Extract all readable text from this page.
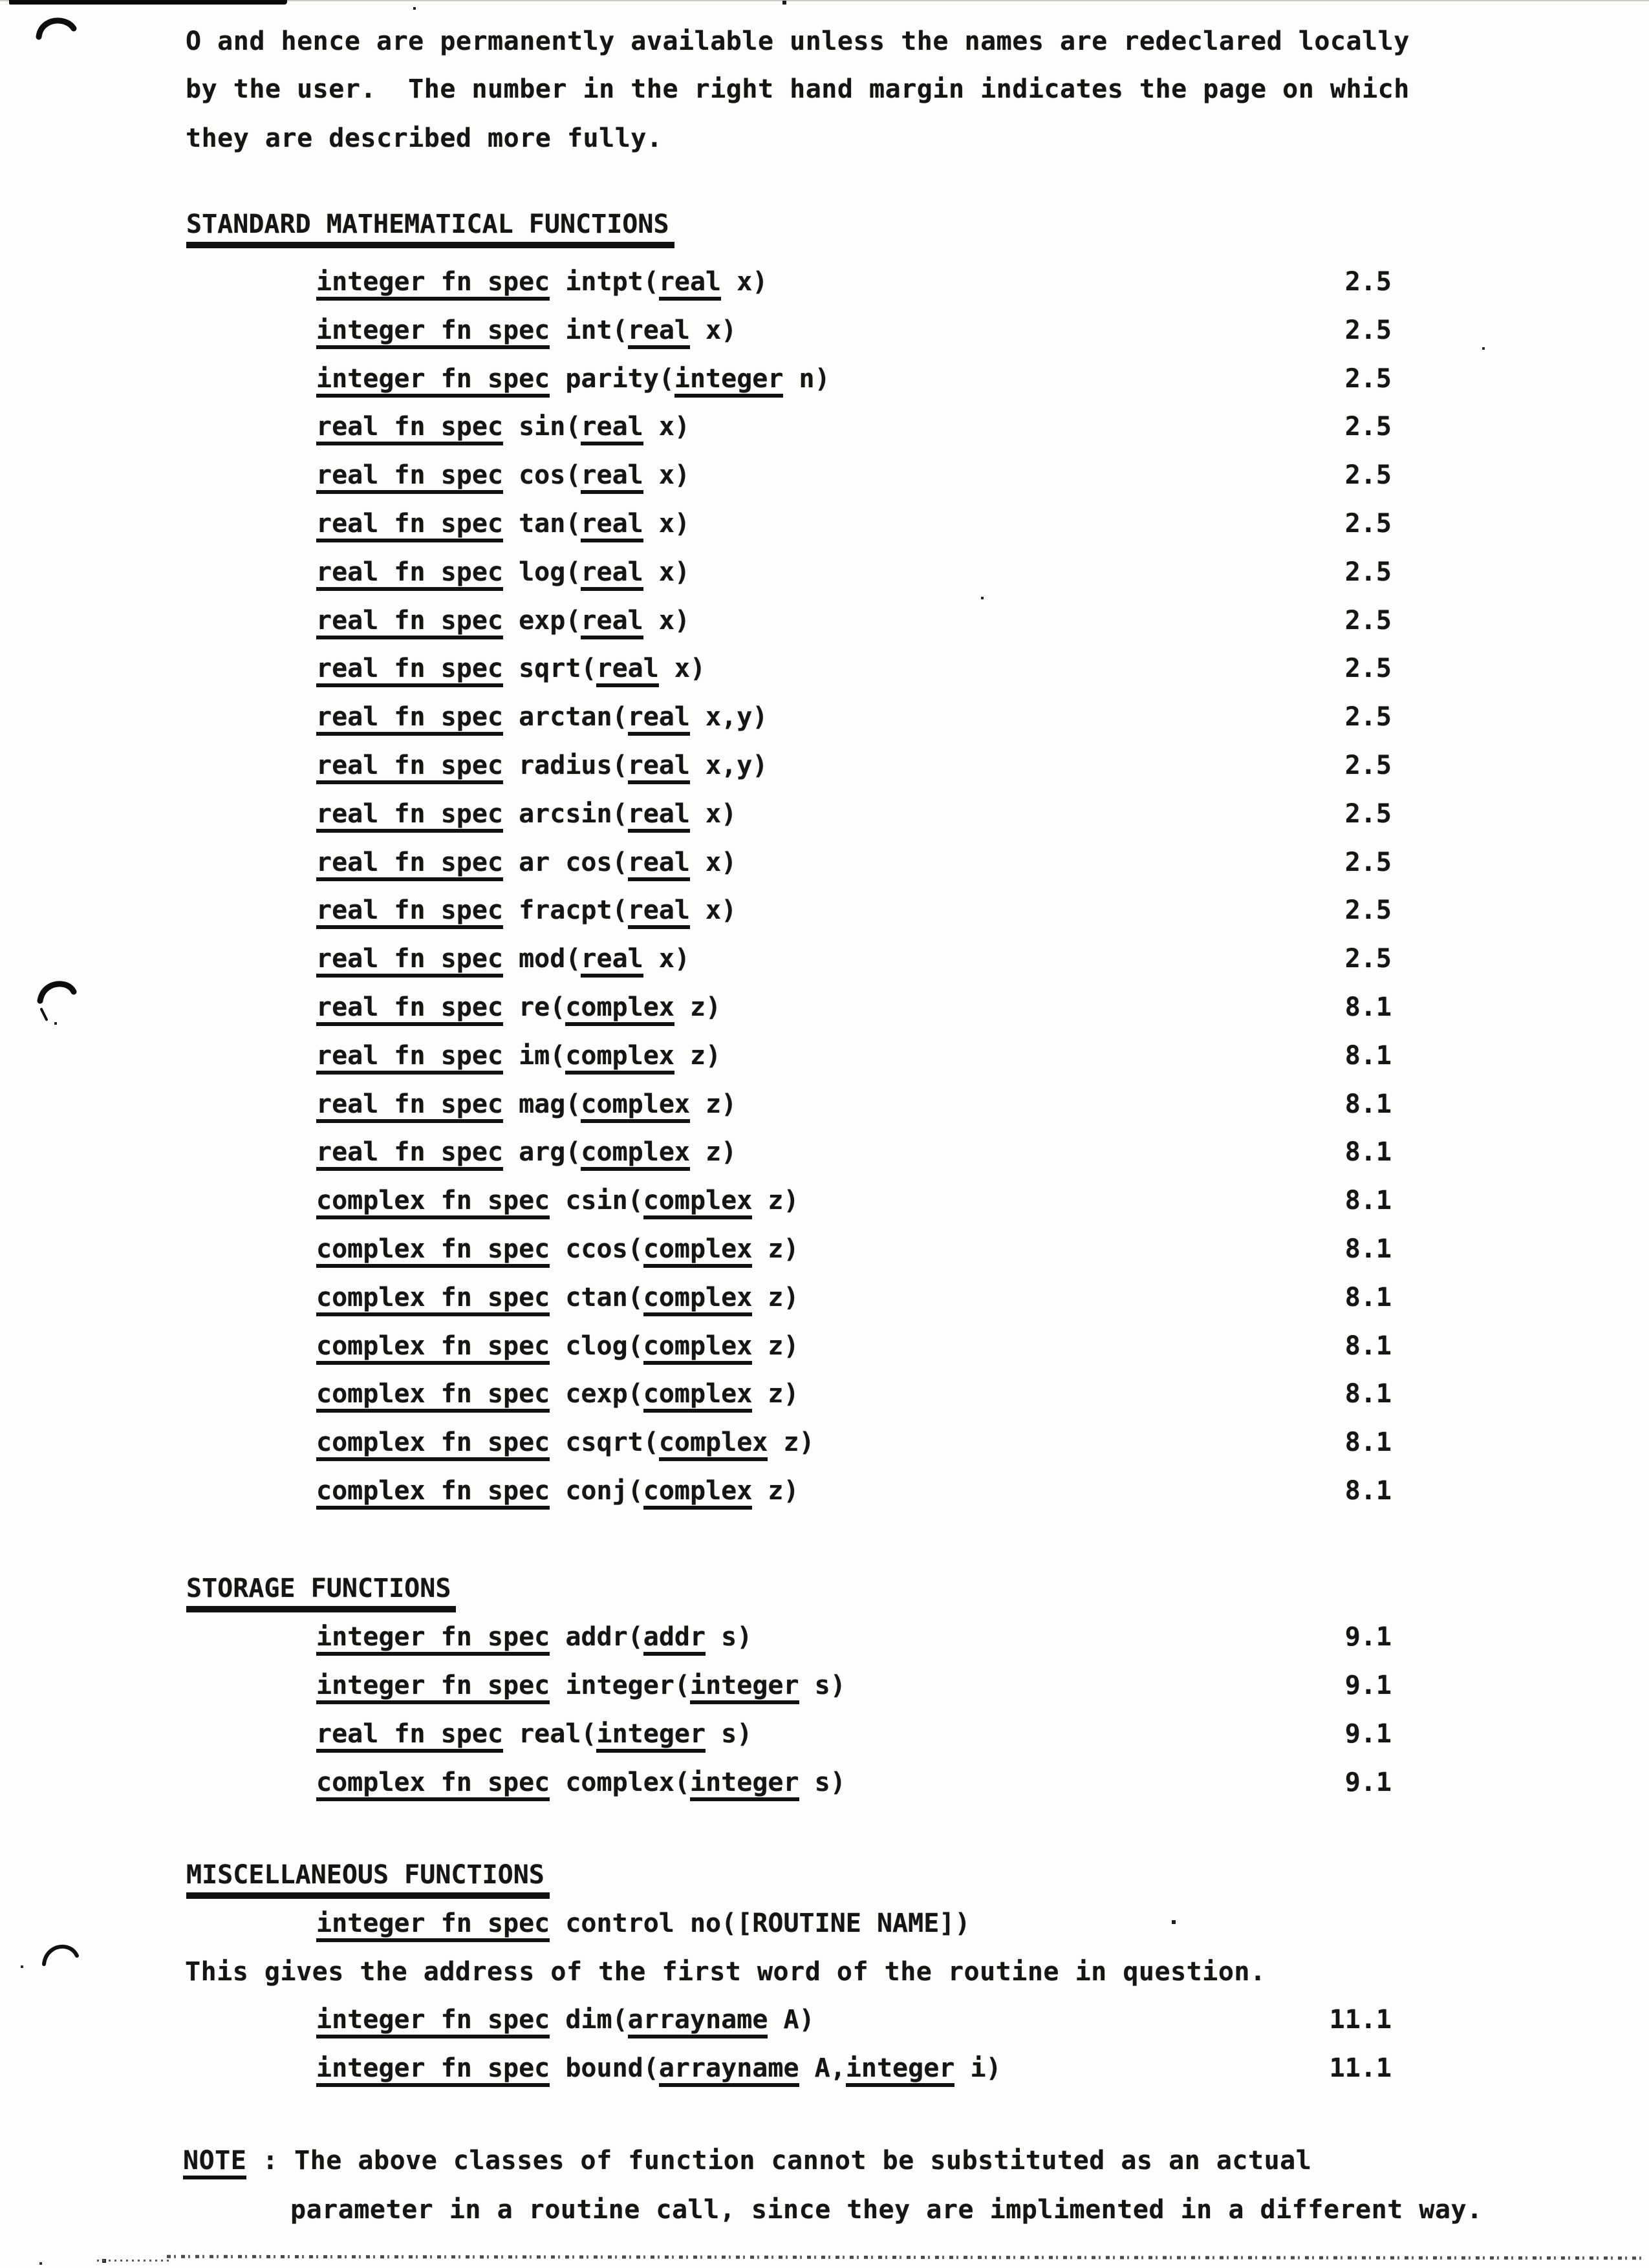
O and hence are permanently available unless the names are redeclared locally
by the user.  The number in the right hand margin indicates the page on which
they are described more fully.
STANDARD MATHEMATICAL FUNCTIONS
integer fn spec intpt(real x)	2.5
integer fn spec int(real x)	2.5
integer fn spec parity(integer n)	2.5
real fn spec sin(real x)	2.5
real fn spec cos(real x)	2.5
real fn spec tan(real x)	2.5
real fn spec log(real x)	2.5
real fn spec exp(real x)	2.5
real fn spec sqrt(real x)	2.5
real fn spec arctan(real x,y)	2.5
real fn spec radius(real x,y)	2.5
real fn spec arcsin(real x)	2.5
real fn spec ar cos(real x)	2.5
real fn spec fracpt(real x)	2.5
real fn spec mod(real x)	2.5
real fn spec re(complex z)	8.1
real fn spec im(complex z)	8.1
real fn spec mag(complex z)	8.1
real fn spec arg(complex z)	8.1
complex fn spec csin(complex z)	8.1
complex fn spec ccos(complex z)	8.1
complex fn spec ctan(complex z)	8.1
complex fn spec clog(complex z)	8.1
complex fn spec cexp(complex z)	8.1
complex fn spec csqrt(complex z)	8.1
complex fn spec conj(complex z)	8.1
STORAGE FUNCTIONS
integer fn spec addr(addr s)	9.1
integer fn spec integer(integer s)	9.1
real fn spec real(integer s)	9.1
complex fn spec complex(integer s)	9.1
MISCELLANEOUS FUNCTIONS
integer fn spec control no([ROUTINE NAME])
This gives the address of the first word of the routine in question.
integer fn spec dim(arrayname A)	11.1
integer fn spec bound(arrayname A,integer i)	11.1
NOTE : The above classes of function cannot be substituted as an actual
parameter in a routine call, since they are implimented in a different way.
